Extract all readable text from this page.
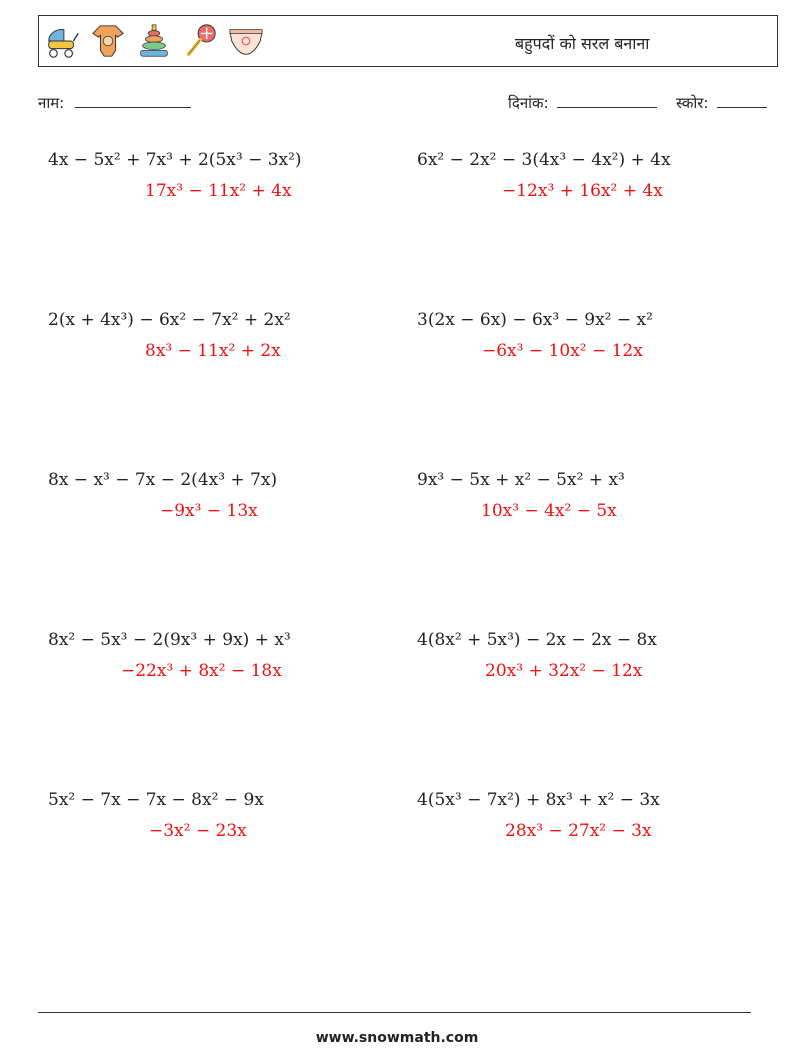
बहुपदों को सरल बनाना
नाम:	दिनांक:	स्कोर:
4x − 5x² + 7x³ + 2(5x³ − 3x²)
17x³ − 11x² + 4x
6x² − 2x² − 3(4x³ − 4x²) + 4x
−12x³ + 16x² + 4x
2(x + 4x³) − 6x² − 7x² + 2x²
8x³ − 11x² + 2x
3(2x − 6x) − 6x³ − 9x² − x²
−6x³ − 10x² − 12x
8x − x³ − 7x − 2(4x³ + 7x)
−9x³ − 13x
9x³ − 5x + x² − 5x² + x³
10x³ − 4x² − 5x
8x² − 5x³ − 2(9x³ + 9x) + x³
−22x³ + 8x² − 18x
4(8x² + 5x³) − 2x − 2x − 8x
20x³ + 32x² − 12x
5x² − 7x − 7x − 8x² − 9x
−3x² − 23x
4(5x³ − 7x²) + 8x³ + x² − 3x
28x³ − 27x² − 3x
www.snowmath.com
